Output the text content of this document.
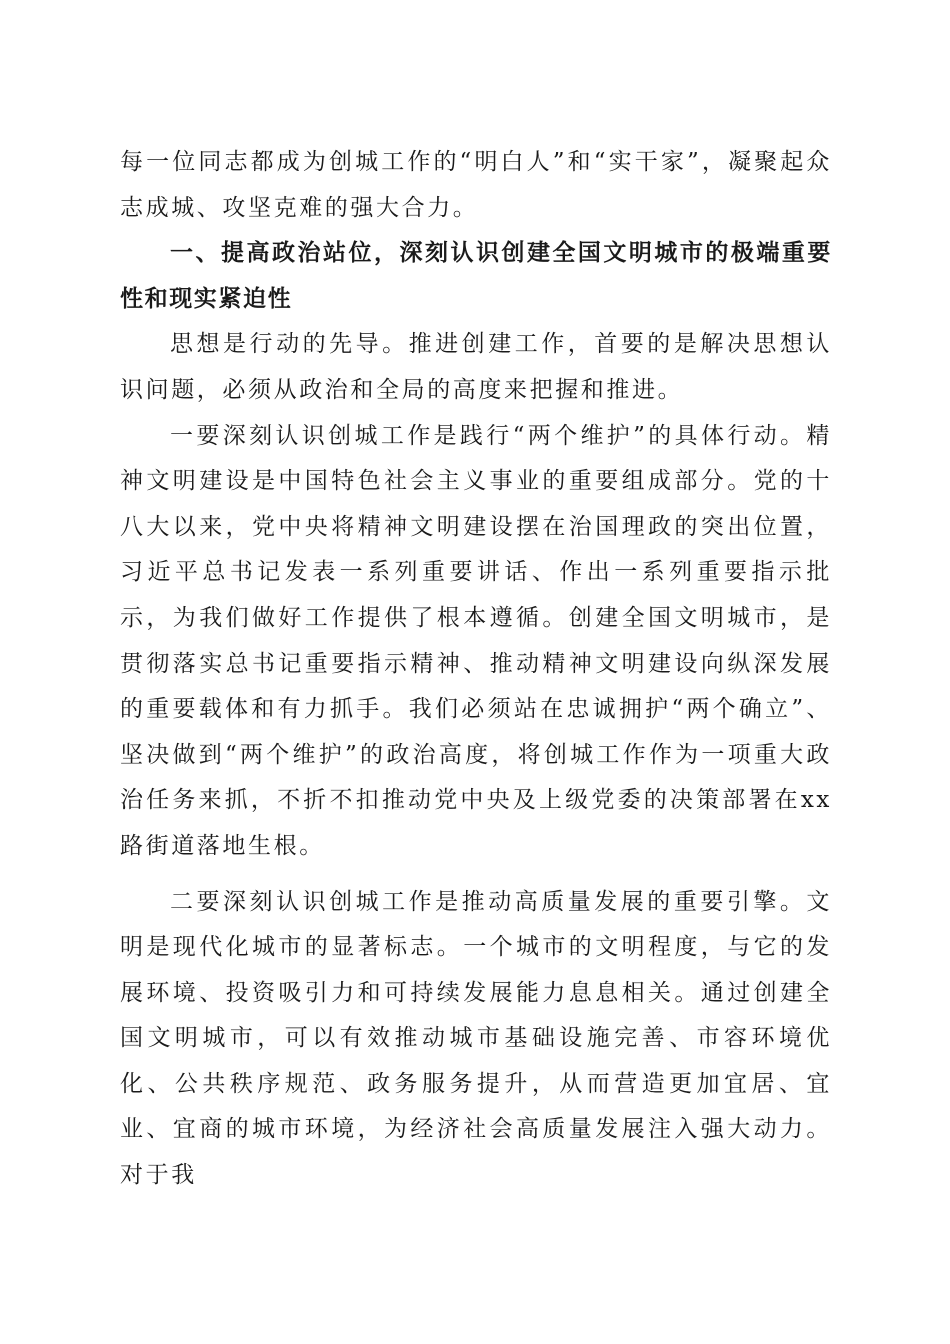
每一位同志都成为创城工作的“明白人”和“实干家”，凝聚起众志成城、攻坚克难的强大合力。

一、提高政治站位，深刻认识创建全国文明城市的极端重要性和现实紧迫性

思想是行动的先导。推进创建工作，首要的是解决思想认识问题，必须从政治和全局的高度来把握和推进。

一要深刻认识创城工作是践行“两个维护”的具体行动。精神文明建设是中国特色社会主义事业的重要组成部分。党的十八大以来，党中央将精神文明建设摆在治国理政的突出位置，习近平总书记发表一系列重要讲话、作出一系列重要指示批示，为我们做好工作提供了根本遵循。创建全国文明城市，是贯彻落实总书记重要指示精神、推动精神文明建设向纵深发展的重要载体和有力抓手。我们必须站在忠诚拥护“两个确立”、坚决做到“两个维护”的政治高度，将创城工作作为一项重大政治任务来抓，不折不扣推动党中央及上级党委的决策部署在xx路街道落地生根。

二要深刻认识创城工作是推动高质量发展的重要引擎。文明是现代化城市的显著标志。一个城市的文明程度，与它的发展环境、投资吸引力和可持续发展能力息息相关。通过创建全国文明城市，可以有效推动城市基础设施完善、市容环境优化、公共秩序规范、政务服务提升，从而营造更加宜居、宜业、宜商的城市环境，为经济社会高质量发展注入强大动力。对于我
